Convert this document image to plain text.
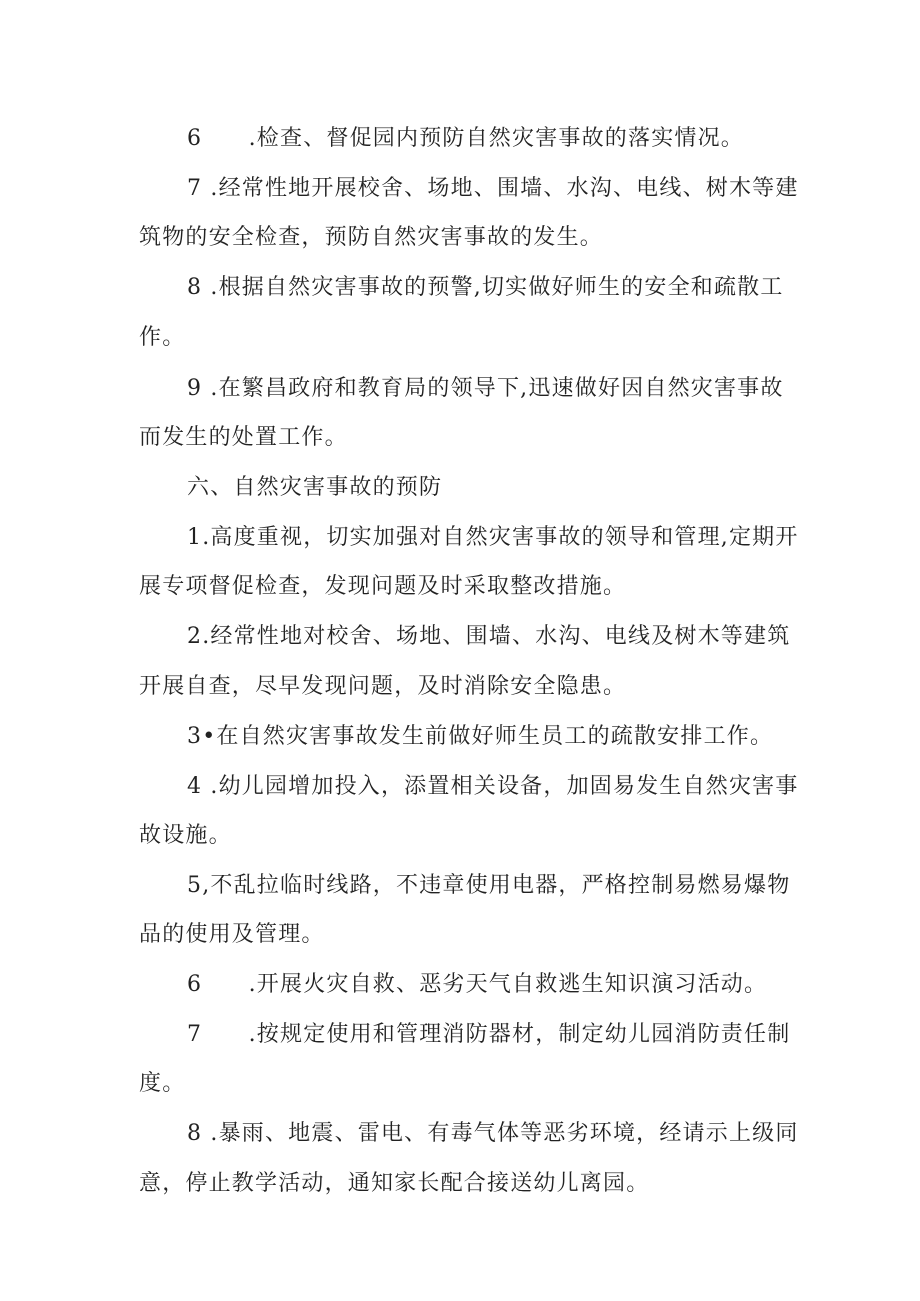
6　　.检查、督促园内预防自然灾害事故的落实情况。
7 .经常性地开展校舍、场地、围墙、水沟、电线、树木等建
筑物的安全检查，预防自然灾害事故的发生。
8 .根据自然灾害事故的预警,切实做好师生的安全和疏散工
作。
9 .在繁昌政府和教育局的领导下,迅速做好因自然灾害事故
而发生的处置工作。
六、自然灾害事故的预防
1.高度重视，切实加强对自然灾害事故的领导和管理,定期开
展专项督促检查，发现问题及时采取整改措施。
2.经常性地对校舍、场地、围墙、水沟、电线及树木等建筑
开展自查，尽早发现问题，及时消除安全隐患。
3•在自然灾害事故发生前做好师生员工的疏散安排工作。
4 .幼儿园增加投入，添置相关设备，加固易发生自然灾害事
故设施。
5,不乱拉临时线路，不违章使用电器，严格控制易燃易爆物
品的使用及管理。
6　　.开展火灾自救、恶劣天气自救逃生知识演习活动。
7　　.按规定使用和管理消防器材，制定幼儿园消防责任制
度。
8 .暴雨、地震、雷电、有毒气体等恶劣环境，经请示上级同
意，停止教学活动，通知家长配合接送幼儿离园。
